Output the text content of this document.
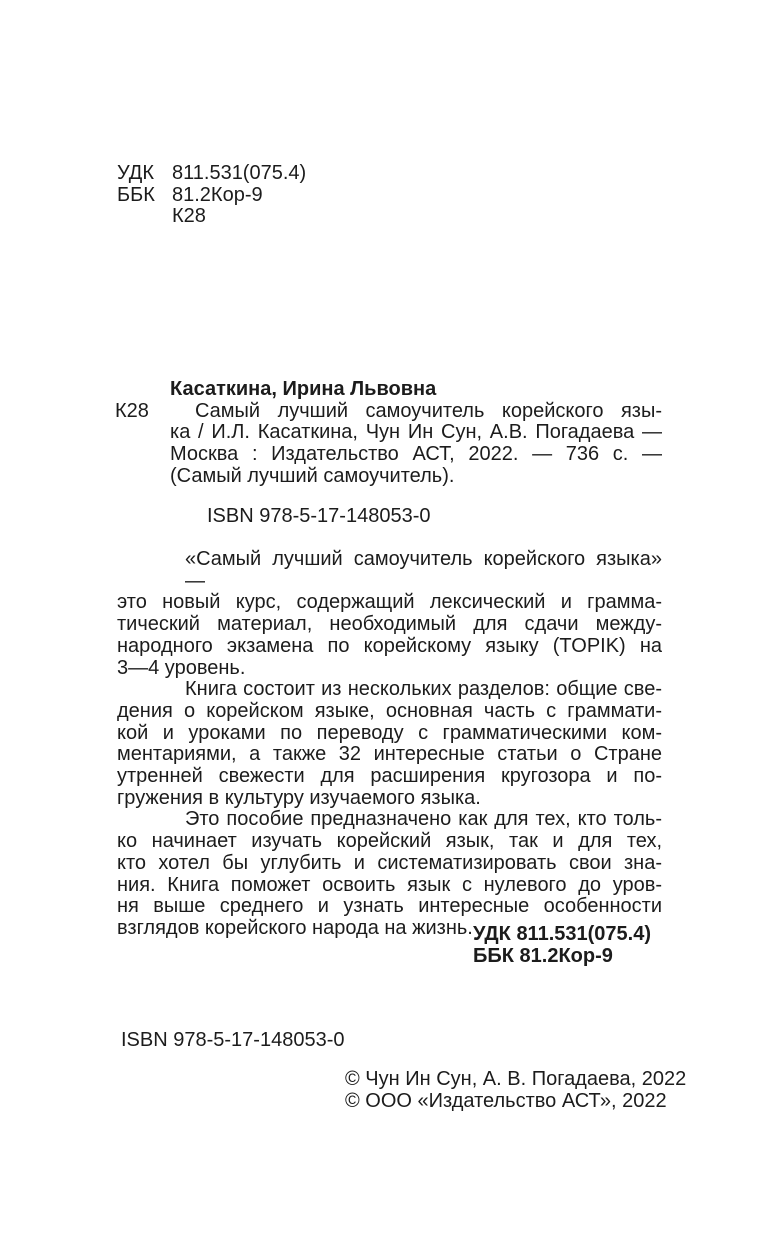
УДК 811.531(075.4)
ББК 81.2Кор-9
К28
К28
Касаткина, Ирина Львовна
Самый лучший самоучитель корейского язы-
ка / И.Л. Касаткина, Чун Ин Сун, А.В. Погадаева —
Москва : Издательство АСТ, 2022. — 736 с. —
(Самый лучший самоучитель).
ISBN 978-5-17-148053-0
«Самый лучший самоучитель корейского языка» —
это новый курс, содержащий лексический и грамма-
тический материал, необходимый для сдачи между-
народного экзамена по корейскому языку (TOPIK) на
3—4 уровень.
Книга состоит из нескольких разделов: общие све-
дения о корейском языке, основная часть с граммати-
кой и уроками по переводу с грамматическими ком-
ментариями, а также 32 интересные статьи о Стране
утренней свежести для расширения кругозора и по-
гружения в культуру изучаемого языка.
Это пособие предназначено как для тех, кто толь-
ко начинает изучать корейский язык, так и для тех,
кто хотел бы углубить и систематизировать свои зна-
ния. Книга поможет освоить язык с нулевого до уров-
ня выше среднего и узнать интересные особенности
взглядов корейского народа на жизнь. УДК 811.531(075.4)
ББК 81.2Кор-9
ISBN 978-5-17-148053-0
© Чун Ин Сун, А. В. Погадаева, 2022
© ООО «Издательство АСТ», 2022
